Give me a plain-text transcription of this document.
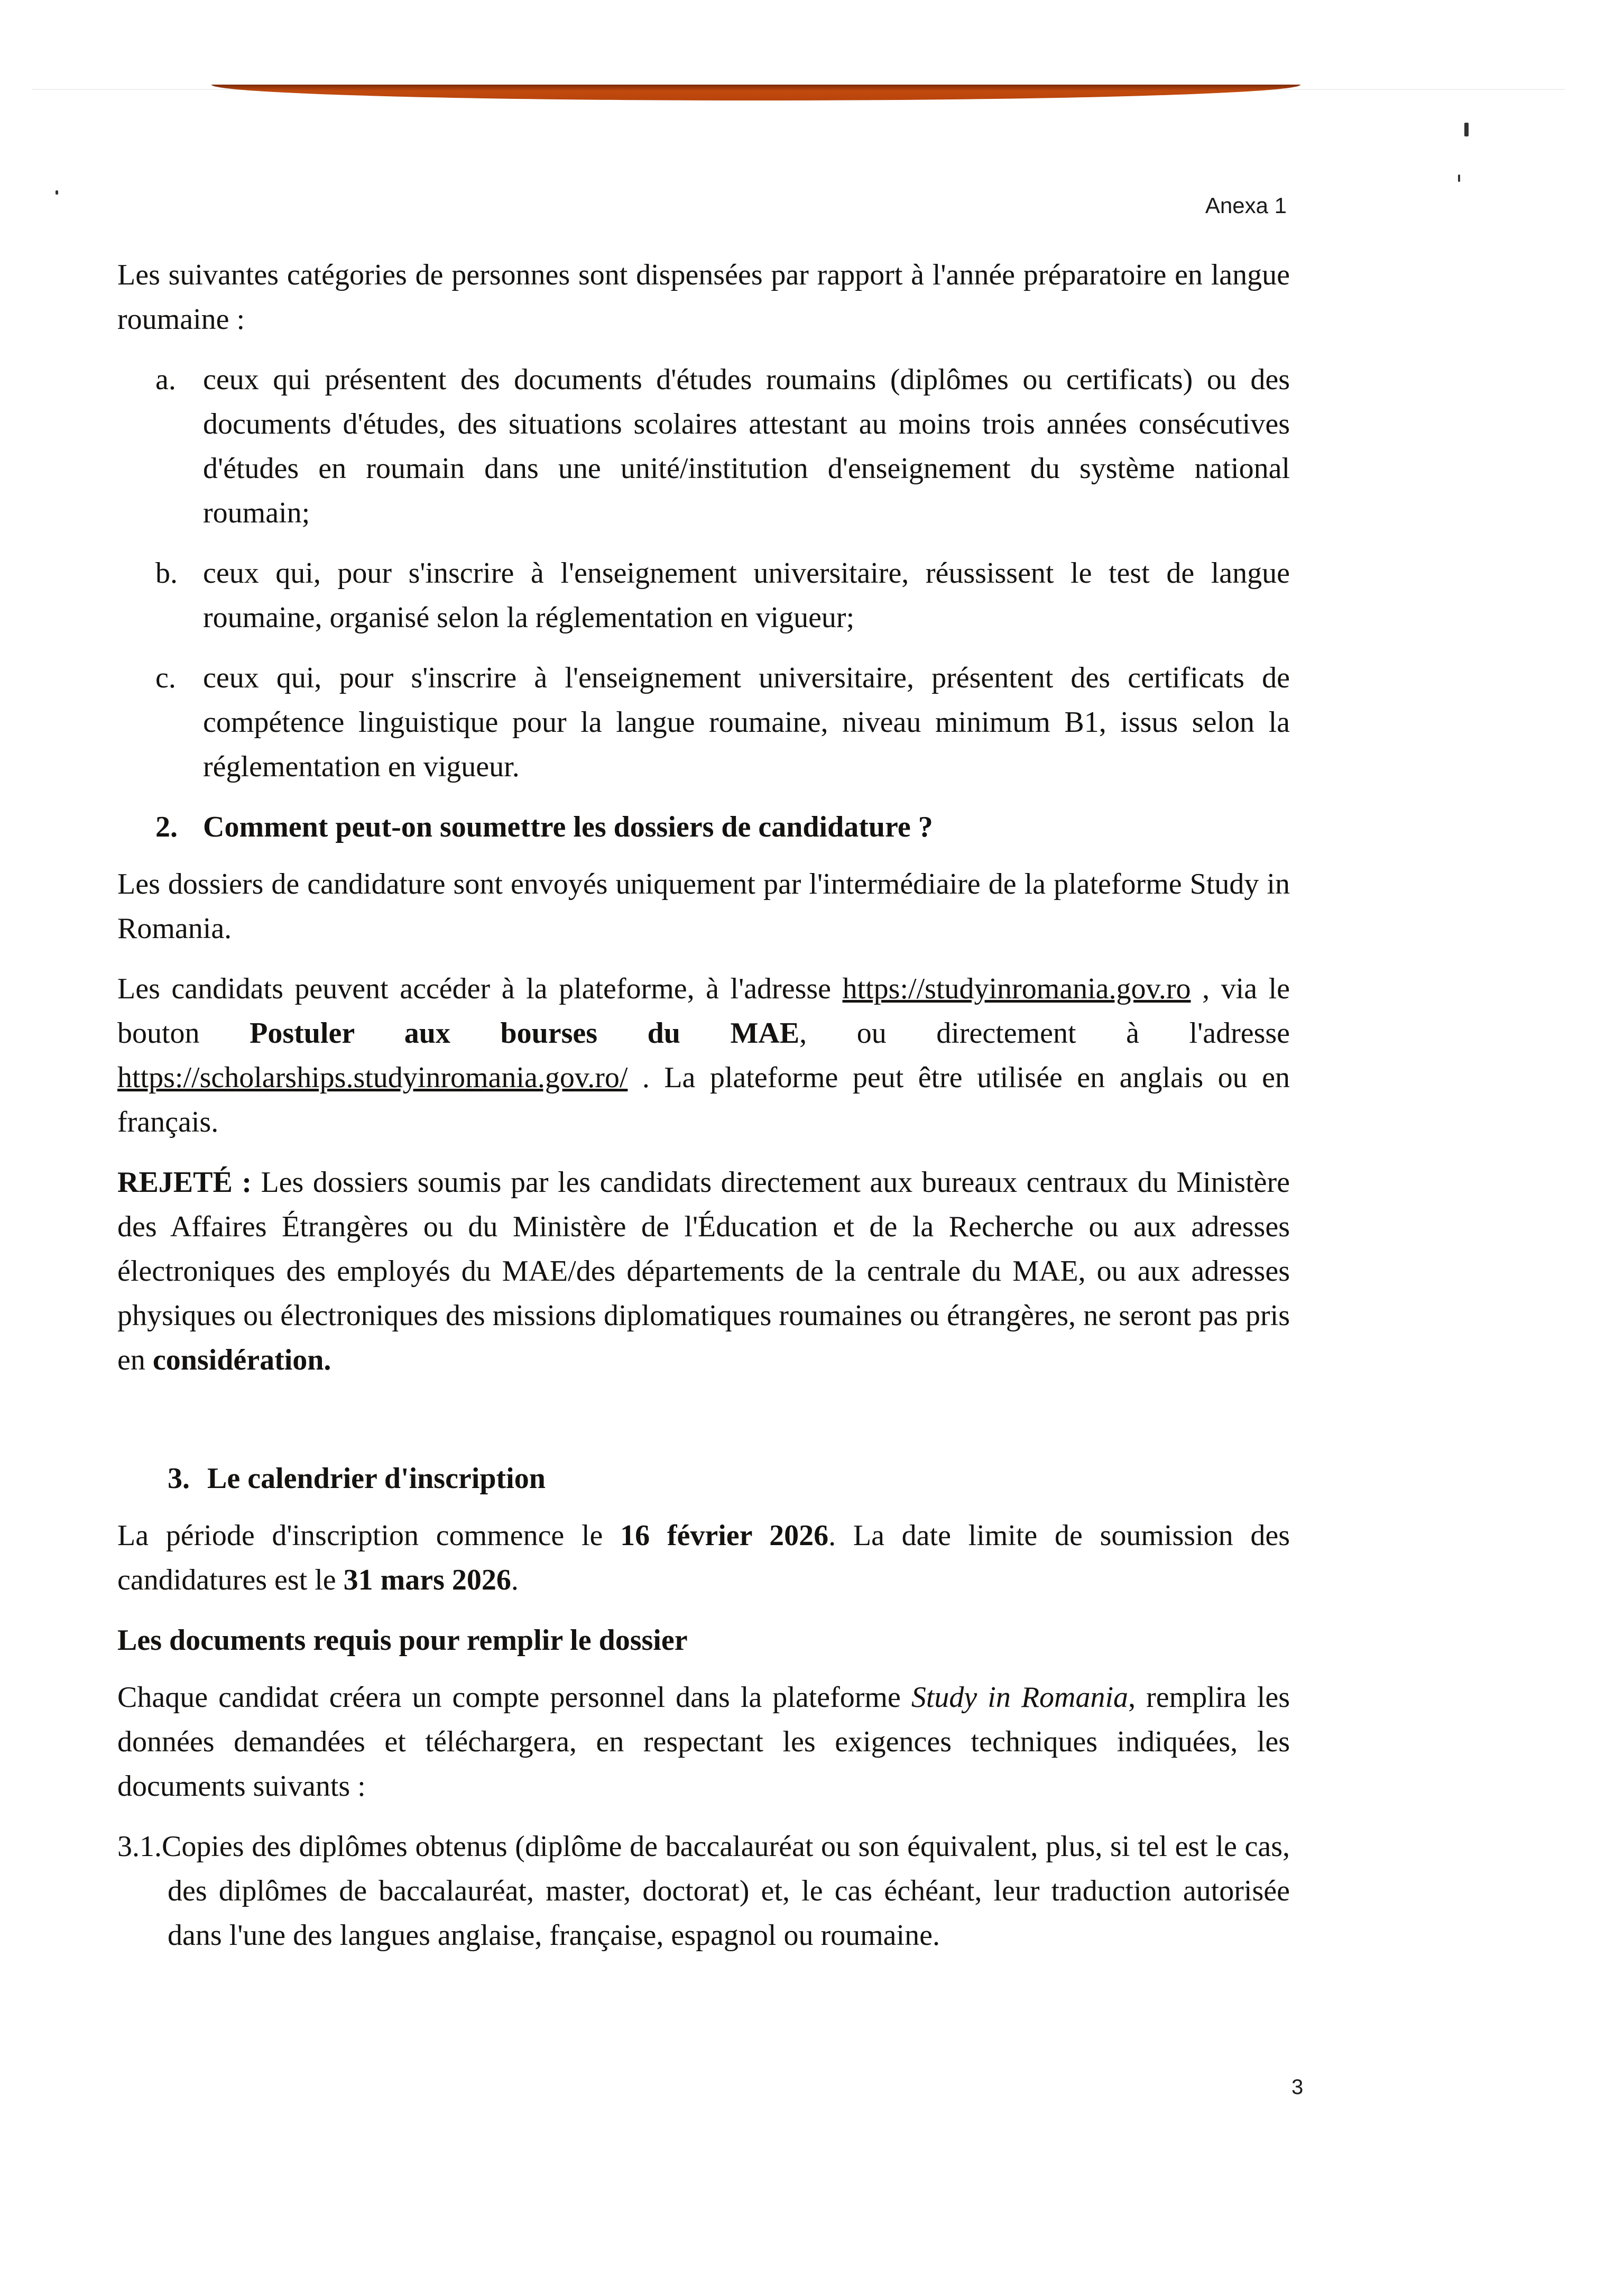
Anexa 1

Les suivantes catégories de personnes sont dispensées par rapport à l'année préparatoire en langue roumaine :

a. ceux qui présentent des documents d'études roumains (diplômes ou certificats) ou des documents d'études, des situations scolaires attestant au moins trois années consécutives d'études en roumain dans une unité/institution d'enseignement du système national roumain;
b. ceux qui, pour s'inscrire à l'enseignement universitaire, réussissent le test de langue roumaine, organisé selon la réglementation en vigueur;
c. ceux qui, pour s'inscrire à l'enseignement universitaire, présentent des certificats de compétence linguistique pour la langue roumaine, niveau minimum B1, issus selon la réglementation en vigueur.
2. Comment peut-on soumettre les dossiers de candidature ?

Les dossiers de candidature sont envoyés uniquement par l'intermédiaire de la plateforme Study in Romania.

Les candidats peuvent accéder à la plateforme, à l'adresse https://studyinromania.gov.ro , via le bouton Postuler aux bourses du MAE, ou directement à l'adresse https://scholarships.studyinromania.gov.ro/ . La plateforme peut être utilisée en anglais ou en français.

REJETÉ : Les dossiers soumis par les candidats directement aux bureaux centraux du Ministère des Affaires Étrangères ou du Ministère de l'Éducation et de la Recherche ou aux adresses électroniques des employés du MAE/des départements de la centrale du MAE, ou aux adresses physiques ou électroniques des missions diplomatiques roumaines ou étrangères, ne seront pas pris en considération.

3. Le calendrier d'inscription

La période d'inscription commence le 16 février 2026. La date limite de soumission des candidatures est le 31 mars 2026.

Les documents requis pour remplir le dossier

Chaque candidat créera un compte personnel dans la plateforme Study in Romania, remplira les données demandées et téléchargera, en respectant les exigences techniques indiquées, les documents suivants :

3.1.Copies des diplômes obtenus (diplôme de baccalauréat ou son équivalent, plus, si tel est le cas, des diplômes de baccalauréat, master, doctorat) et, le cas échéant, leur traduction autorisée dans l'une des langues anglaise, française, espagnol ou roumaine.

3
